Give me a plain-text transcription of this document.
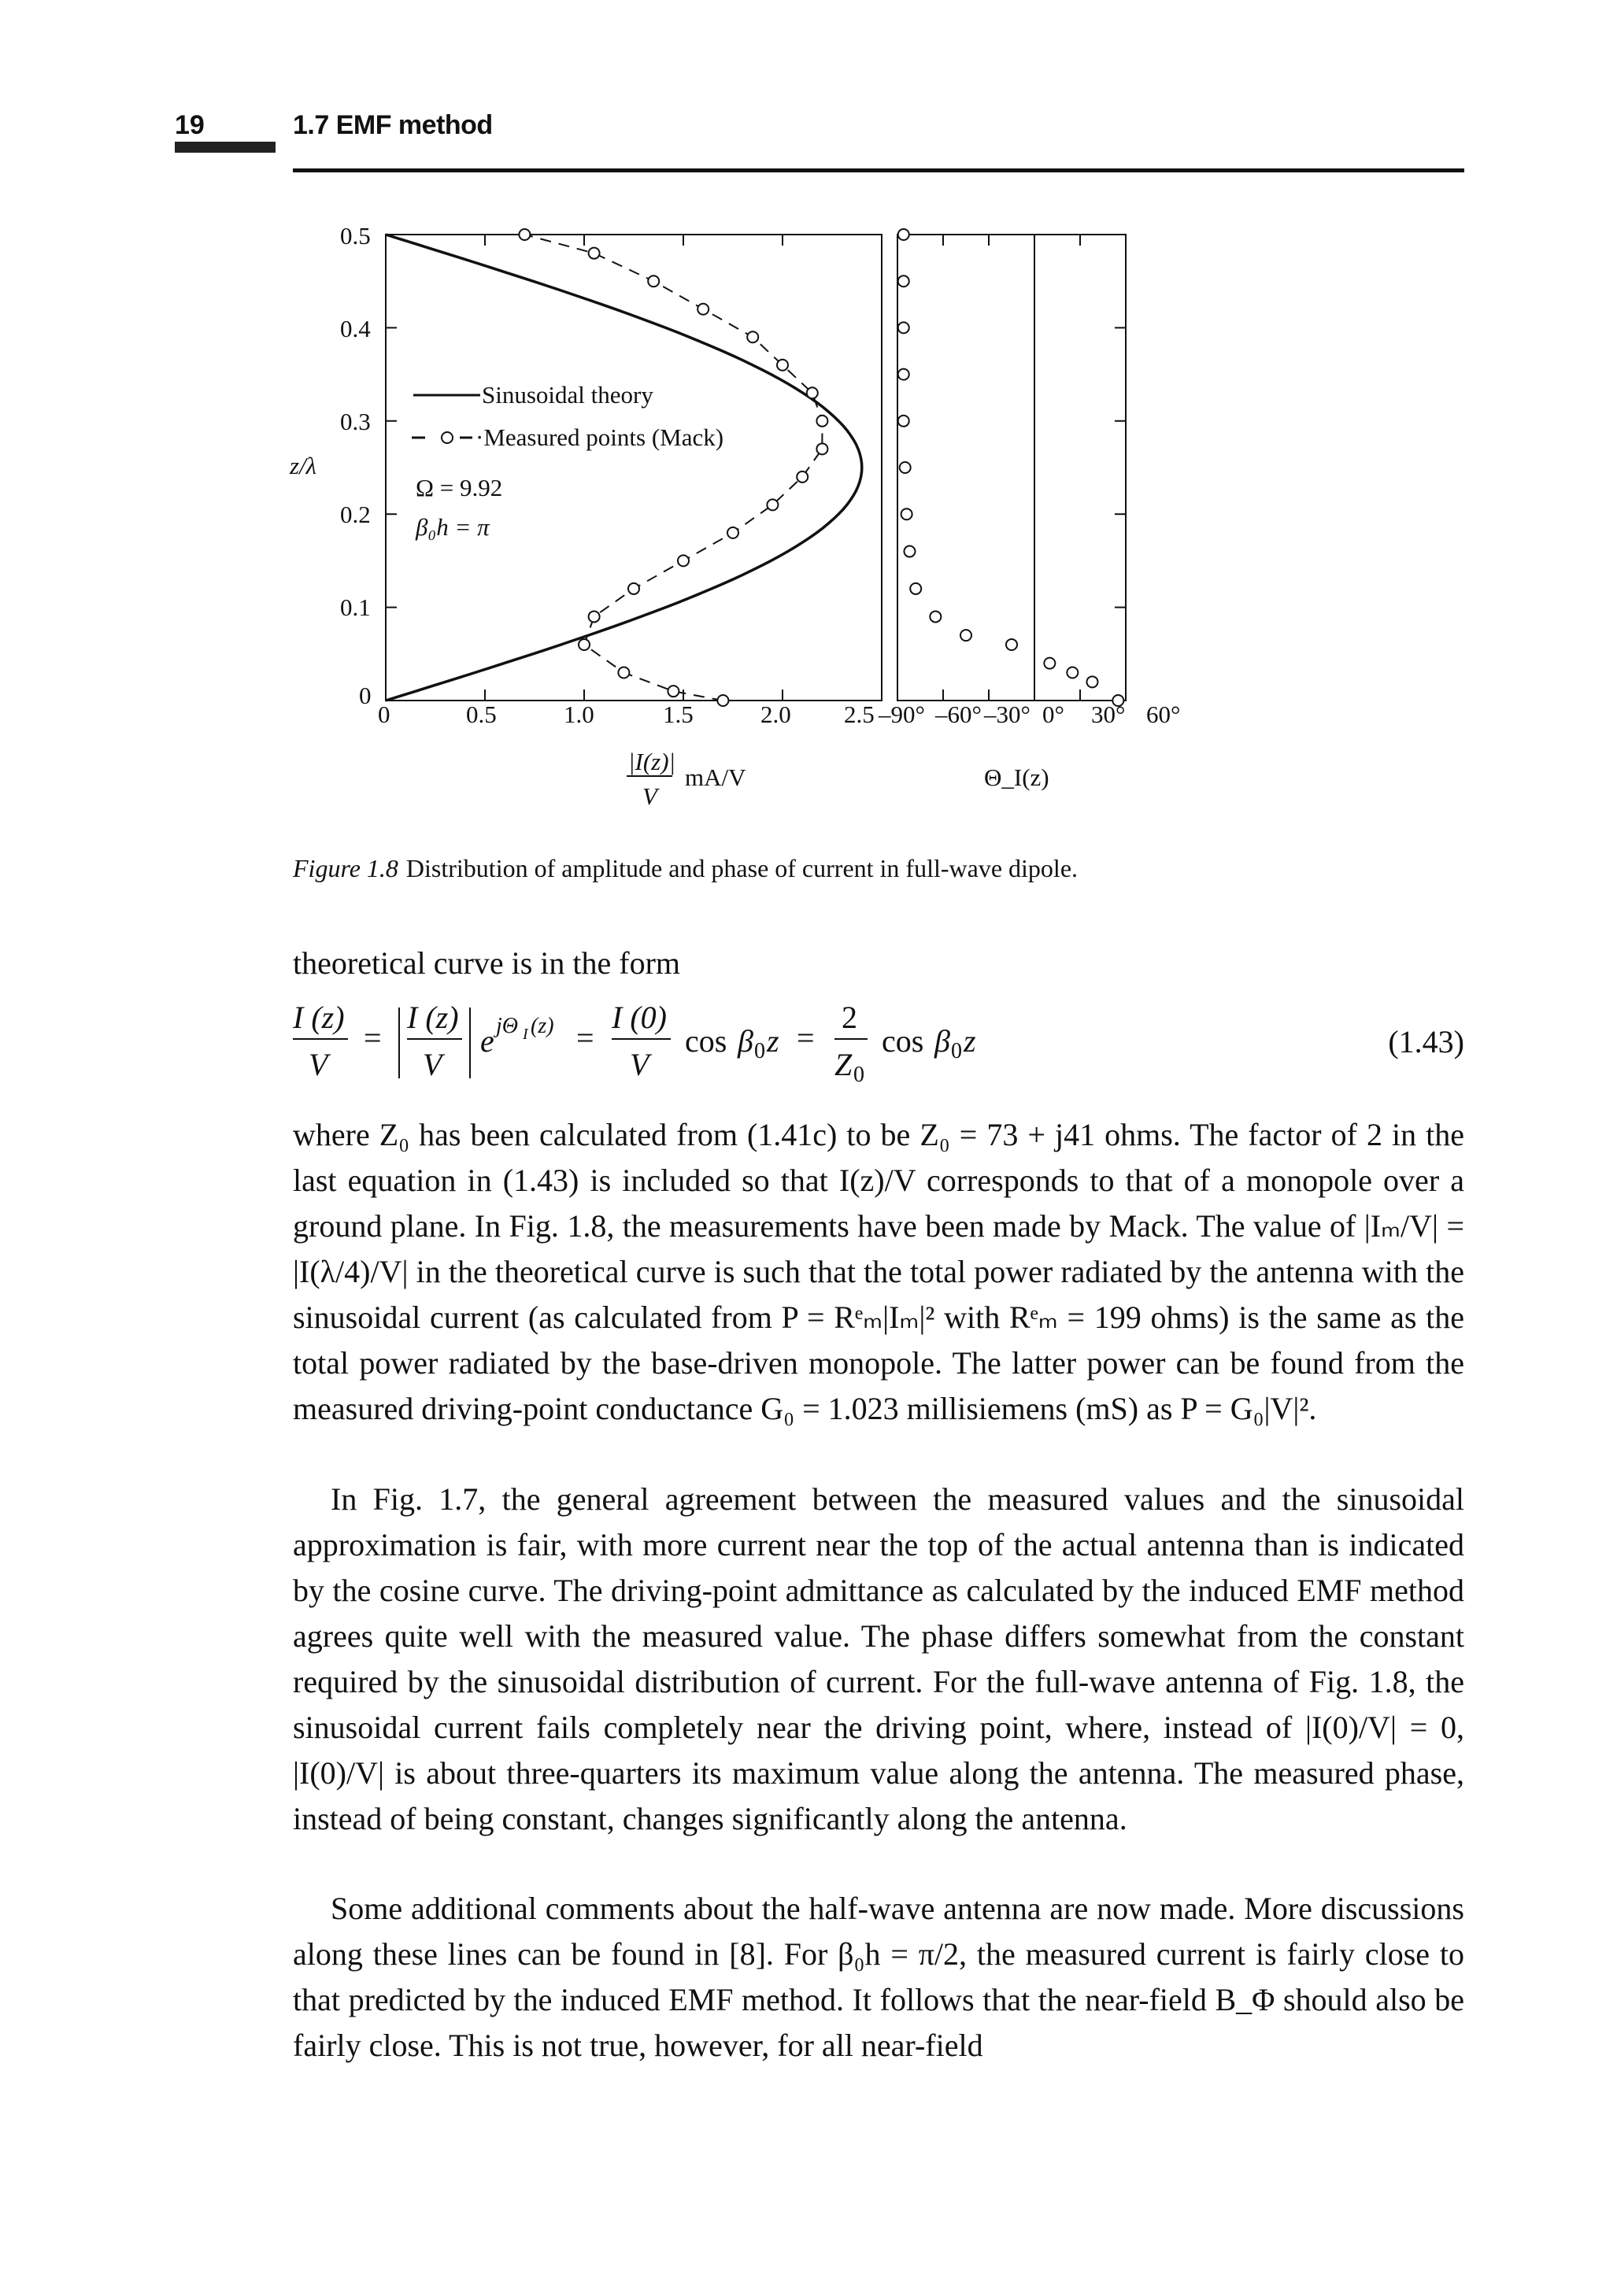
19	1.7 EMF method
0.5
0.4
0.3
0.2
0.1
0
z/λ
0	0.5	1.0	1.5	2.0 2.5 –90° –60° –30° 0° 30° 60°
|I(z)|
V
mA/V	Θ_I(z)
Sinusoidal theory
·Measured points (Mack)
Ω = 9.92
β₀h = π
Figure 1.8 Distribution of amplitude and phase of current in full-wave dipole.

theoretical curve is in the form

I (z)
V
=
I (z)
V
e jΘ I (z) =
I (0)
V
cos β 0 z =
2
Z 0
cos β 0 z	(1.43)

where Z₀ has been calculated from (1.41c) to be Z₀ = 73 + j41 ohms. The factor of 2 in the last equation in (1.43) is included so that I(z)/V corresponds to that of a monopole over a ground plane. In Fig. 1.8, the measurements have been made by Mack. The value of |Iₘ/V| = |I(λ/4)/V| in the theoretical curve is such that the total power radiated by the antenna with the sinusoidal current (as calculated from P = Rᵉₘ|Iₘ|² with Rᵉₘ = 199 ohms) is the same as the total power radiated by the base-driven monopole. The latter power can be found from the measured driving-point conductance G₀ = 1.023 millisiemens (mS) as P = G₀|V|².

In Fig. 1.7, the general agreement between the measured values and the sinusoidal approximation is fair, with more current near the top of the actual antenna than is indicated by the cosine curve. The driving-point admittance as calculated by the induced EMF method agrees quite well with the measured value. The phase differs somewhat from the constant required by the sinusoidal distribution of current. For the full-wave antenna of Fig. 1.8, the sinusoidal current fails completely near the driving point, where, instead of |I(0)/V| = 0, |I(0)/V| is about three-quarters its maximum value along the antenna. The measured phase, instead of being constant, changes significantly along the antenna.

Some additional comments about the half-wave antenna are now made. More discussions along these lines can be found in [8]. For β₀h = π/2, the measured current is fairly close to that predicted by the induced EMF method. It follows that the near-field B_Φ should also be fairly close. This is not true, however, for all near-field
